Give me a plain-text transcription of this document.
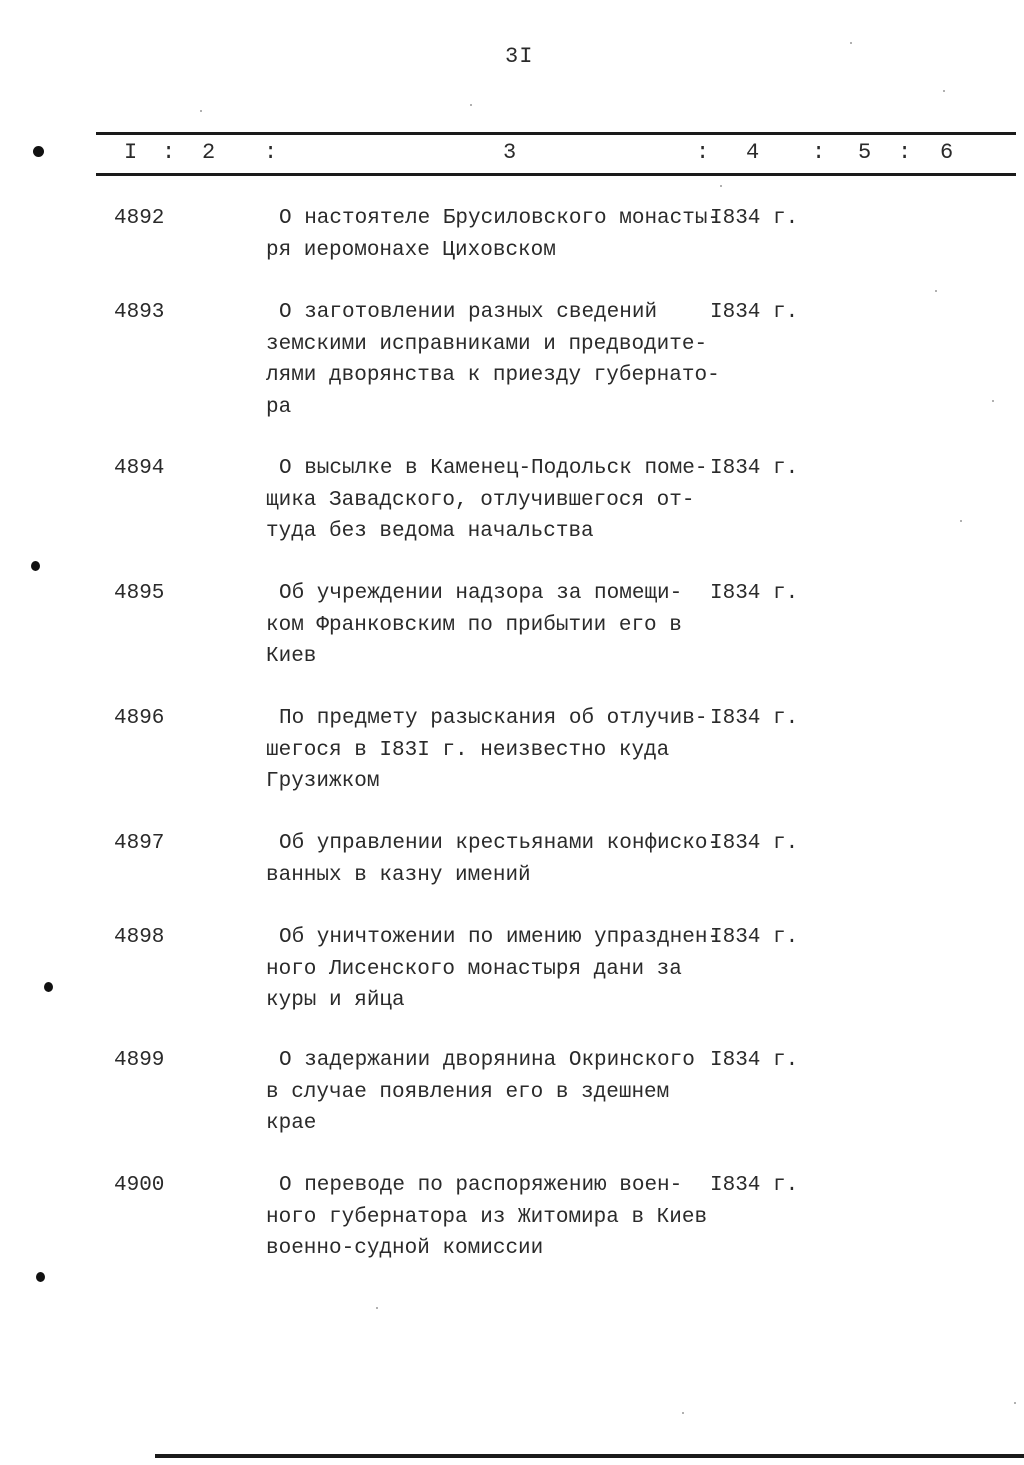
3I
I : 2 :	3	: 4 : 5 : 6
4892	О настоятеле Брусиловского монасты-
ря иеромонахе Циховском
I834 г.
4893	О заготовлении разных сведений
земскими исправниками и предводите-
лями дворянства к приезду губернато-
ра
I834 г.
4894	О высылке в Каменец-Подольск поме-
щика Завадского, отлучившегося от-
туда без ведома начальства
I834 г.
4895	Об учреждении надзора за помещи-
ком Франковским по прибытии его в
Киев
I834 г.
4896	По предмету разыскания об отлучив-
шегося в I83I г. неизвестно куда
Грузижком
I834 г.
4897	Об управлении крестьянами конфиско-
ванных в казну имений
I834 г.
4898	Об уничтожении по имению упразднен-
ного Лисенского монастыря дани за
куры и яйца
I834 г.
4899	О задержании дворянина Окринского
в случае появления его в здешнем
крае
I834 г.
4900	О переводе по распоряжению воен-
ного губернатора из Житомира в Киев
военно-судной комиссии
I834 г.
